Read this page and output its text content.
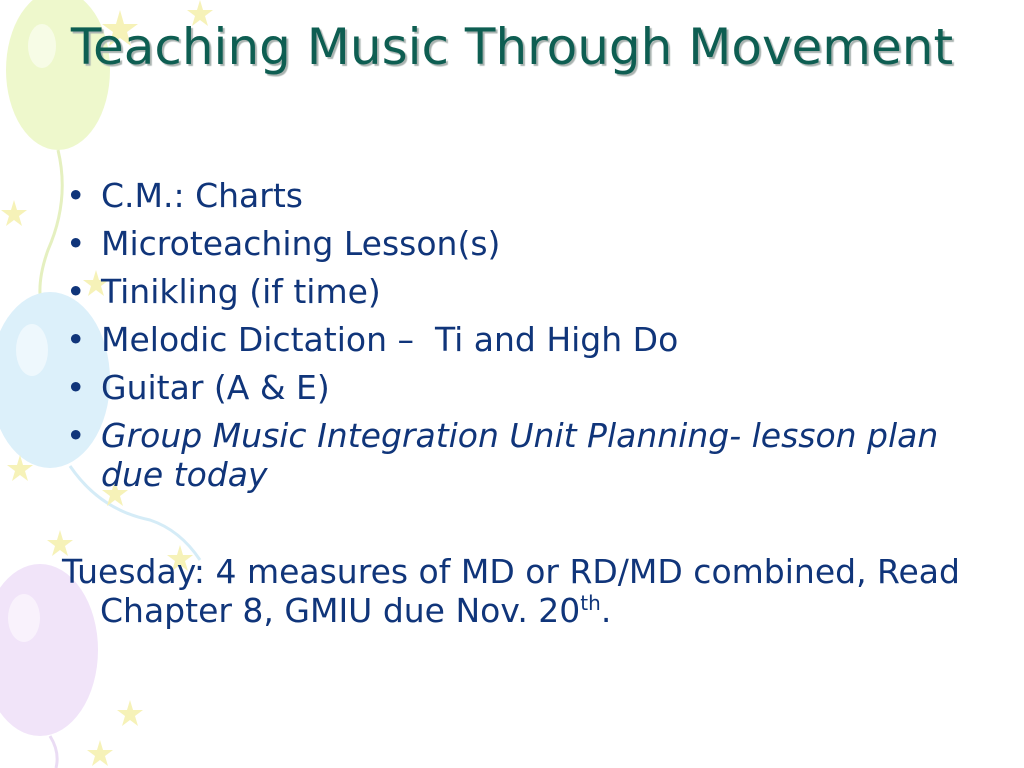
Teaching Music Through Movement
• C.M.: Charts
• Microteaching Lesson(s)
• Tinikling (if time)
• Melodic Dictation –  Ti and High Do
• Guitar (A & E)
• Group Music Integration Unit Planning- lesson plan due today

Tuesday: 4 measures of MD or RD/MD combined, Read Chapter 8, GMIU due Nov. 20th.
